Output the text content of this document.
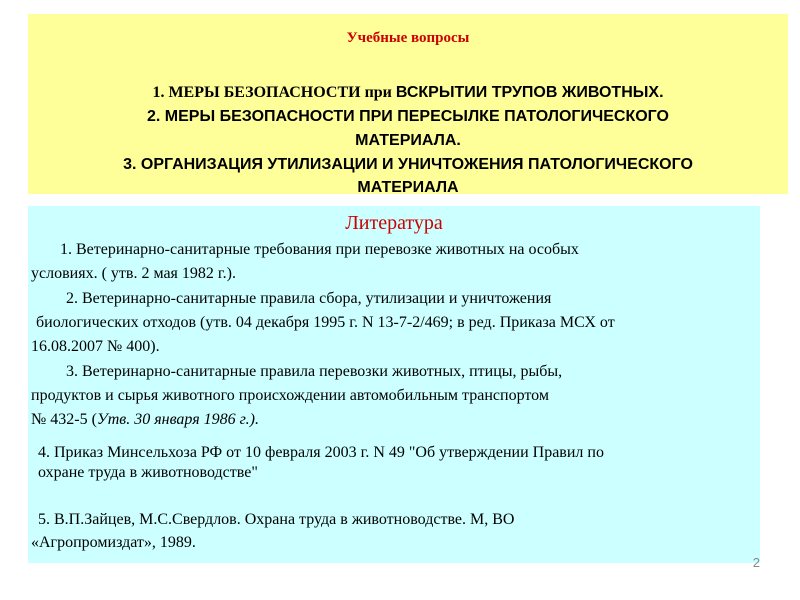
Учебные вопросы
1. МЕРЫ БЕЗОПАСНОСТИ при ВСКРЫТИИ ТРУПОВ ЖИВОТНЫХ.
2. МЕРЫ БЕЗОПАСНОСТИ ПРИ ПЕРЕСЫЛКЕ ПАТОЛОГИЧЕСКОГО
МАТЕРИАЛА.
3. ОРГАНИЗАЦИЯ УТИЛИЗАЦИИ И УНИЧТОЖЕНИЯ ПАТОЛОГИЧЕСКОГО
МАТЕРИАЛА
Литература
1. Ветеринарно-санитарные требования при перевозке животных на особых
условиях. ( утв. 2 мая 1982 г.).
2. Ветеринарно-санитарные правила сбора, утилизации и уничтожения
биологических отходов (утв. 04 декабря 1995 г. N 13-7-2/469; в ред. Приказа МСХ от
16.08.2007 № 400).
3. Ветеринарно-санитарные правила перевозки животных, птицы, рыбы,
продуктов и сырья животного происхождении автомобильным транспортом
№ 432-5 (Утв. 30 января 1986 г.).
4. Приказ Минсельхоза РФ от 10 февраля 2003 г. N 49 "Об утверждении Правил по
охране труда в животноводстве"
5. В.П.Зайцев, М.С.Свердлов. Охрана труда в животноводстве. М, ВО
«Агропромиздат», 1989.
2
